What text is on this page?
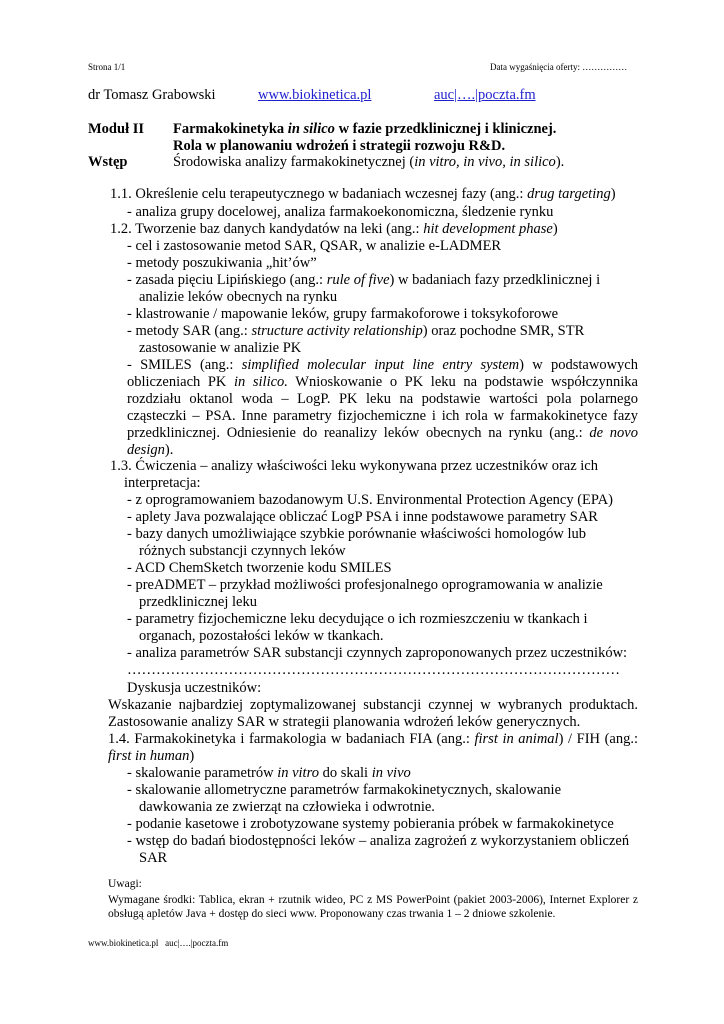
Strona 1/1	Data wygaśnięcia oferty: ……………
dr Tomasz Grabowski	www.biokinetica.pl	auc|….|poczta.fm
Moduł II Farmakokinetyka in silico w fazie przedklinicznej i klinicznej.
Rola w planowaniu wdrożeń i strategii rozwoju R&D.
Wstęp	Środowiska analizy farmakokinetycznej (in vitro, in vivo, in silico).
1.1. Określenie celu terapeutycznego w badaniach wczesnej fazy (ang.: drug targeting)
- analiza grupy docelowej, analiza farmakoekonomiczna, śledzenie rynku
1.2. Tworzenie baz danych kandydatów na leki (ang.: hit development phase)
- cel i zastosowanie metod SAR, QSAR, w analizie e-LADMER
- metody poszukiwania „hit’ów”
- zasada pięciu Lipińskiego (ang.: rule of five) w badaniach fazy przedklinicznej i
analizie leków obecnych na rynku
- klastrowanie / mapowanie leków, grupy farmakoforowe i toksykoforowe
- metody SAR (ang.: structure activity relationship) oraz pochodne SMR, STR
zastosowanie w analizie PK
- SMILES (ang.: simplified molecular input line entry system) w podstawowych obliczeniach PK in silico. Wnioskowanie o PK leku na podstawie współczynnika rozdziału oktanol woda – LogP. PK leku na podstawie wartości pola polarnego cząsteczki – PSA. Inne parametry fizjochemiczne i ich rola w farmakokinetyce fazy przedklinicznej. Odniesienie do reanalizy leków obecnych na rynku (ang.: de novo design).
1.3. Ćwiczenia – analizy właściwości leku wykonywana przez uczestników oraz ich
interpretacja:
- z oprogramowaniem bazodanowym U.S. Environmental Protection Agency (EPA)
- aplety Java pozwalające obliczać LogP PSA i inne podstawowe parametry SAR
- bazy danych umożliwiające szybkie porównanie właściwości homologów lub
różnych substancji czynnych leków
- ACD ChemSketch tworzenie kodu SMILES
- preADMET – przykład możliwości profesjonalnego oprogramowania w analizie
przedklinicznej leku
- parametry fizjochemiczne leku decydujące o ich rozmieszczeniu w tkankach i
organach, pozostałości leków w tkankach.
- analiza parametrów SAR substancji czynnych zaproponowanych przez uczestników:
…………………………………………………………………………………………
Dyskusja uczestników:
Wskazanie najbardziej zoptymalizowanej substancji czynnej w wybranych produktach. Zastosowanie analizy SAR w strategii planowania wdrożeń leków generycznych.
1.4. Farmakokinetyka i farmakologia w badaniach FIA (ang.: first in animal) / FIH (ang.: first in human)
- skalowanie parametrów in vitro do skali in vivo
- skalowanie allometryczne parametrów farmakokinetycznych, skalowanie
dawkowania ze zwierząt na człowieka i odwrotnie.
- podanie kasetowe i zrobotyzowane systemy pobierania próbek w farmakokinetyce
- wstęp do badań biodostępności leków – analiza zagrożeń z wykorzystaniem obliczeń
SAR
Uwagi:
Wymagane środki: Tablica, ekran + rzutnik wideo, PC z MS PowerPoint (pakiet 2003-2006), Internet Explorer z obsługą apletów Java + dostęp do sieci www. Proponowany czas trwania 1 – 2 dniowe szkolenie.
www.biokinetica.pl   auc|….|poczta.fm
